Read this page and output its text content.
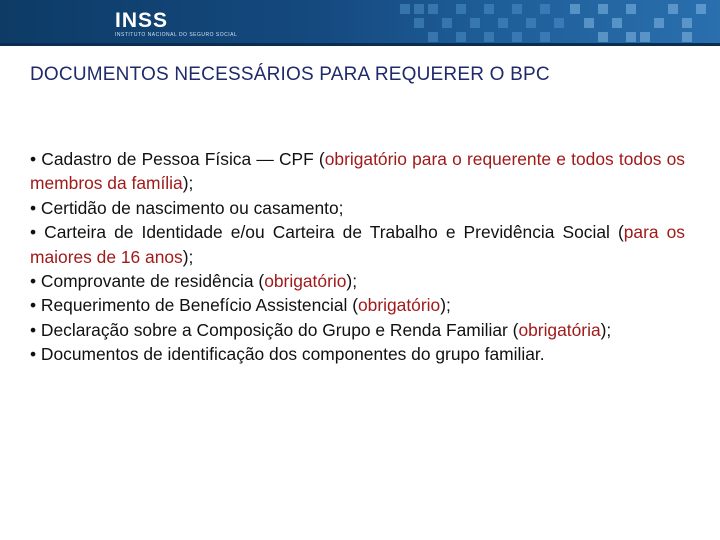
INSS
INSTITUTO NACIONAL DO SEGURO SOCIAL
DOCUMENTOS NECESSÁRIOS PARA REQUERER O BPC

• Cadastro de Pessoa Física — CPF (obrigatório para o requerente e todos todos os membros da família);

• Certidão de nascimento ou casamento;

• Carteira de Identidade e/ou Carteira de Trabalho e Previdência Social (para os maiores de 16 anos);

• Comprovante de residência (obrigatório);

• Requerimento de Benefício Assistencial (obrigatório);

• Declaração sobre a Composição do Grupo e Renda Familiar (obrigatória);

• Documentos de identificação dos componentes do grupo familiar.
